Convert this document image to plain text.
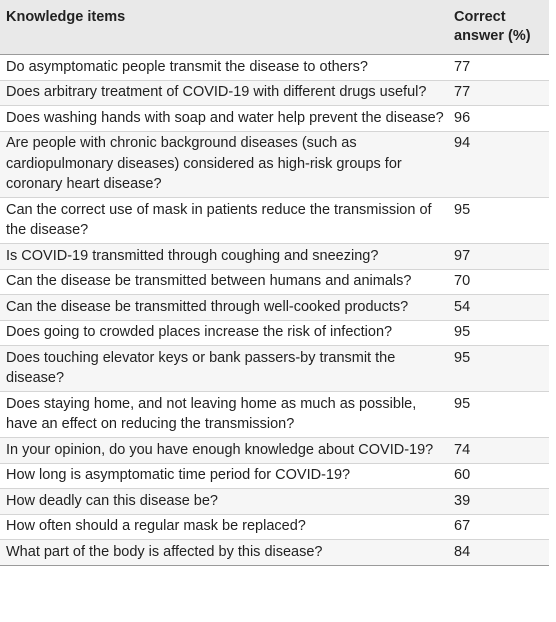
Knowledge items	Correct
answer (%)
Do asymptomatic people transmit the disease to others?	77
Does arbitrary treatment of COVID-19 with different drugs useful?	77
Does washing hands with soap and water help prevent the disease?	96
Are people with chronic background diseases (such as cardiopulmonary diseases) considered as high-risk groups for coronary heart disease?	94
Can the correct use of mask in patients reduce the transmission of the disease?	95
Is COVID-19 transmitted through coughing and sneezing?	97
Can the disease be transmitted between humans and animals?	70
Can the disease be transmitted through well-cooked products?	54
Does going to crowded places increase the risk of infection?	95
Does touching elevator keys or bank passers-by transmit the disease?	95
Does staying home, and not leaving home as much as possible, have an effect on reducing the transmission?	95
In your opinion, do you have enough knowledge about COVID-19?	74
How long is asymptomatic time period for COVID-19?	60
How deadly can this disease be?	39
How often should a regular mask be replaced?	67
What part of the body is affected by this disease?	84
